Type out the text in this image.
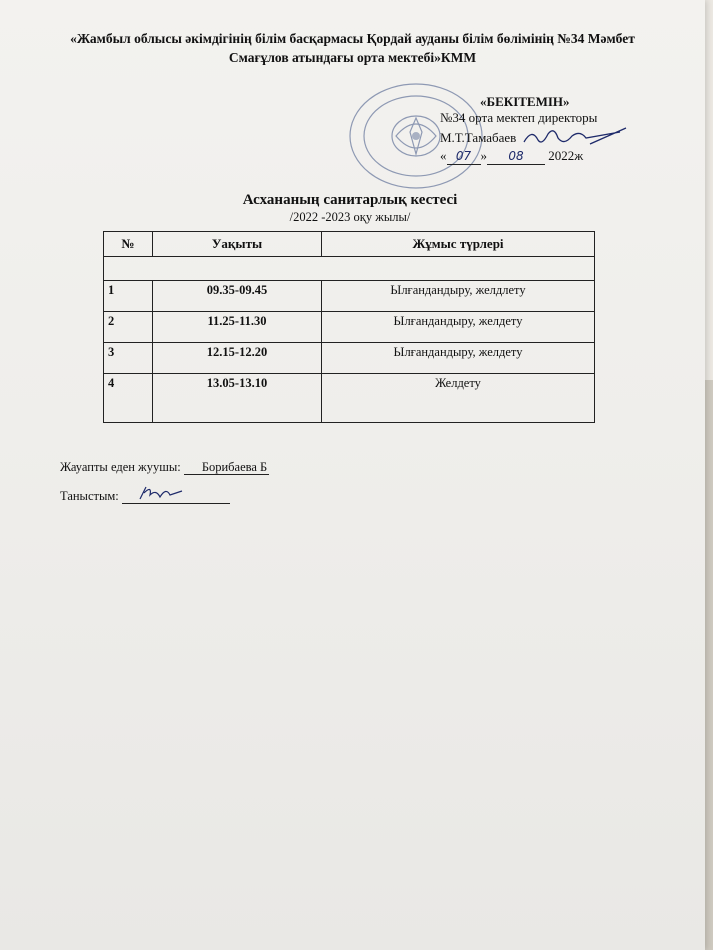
«Жамбыл облысы әкімдігінің білім басқармасы Қордай ауданы білім бөлімінің №34 Мәмбет
Смағұлов атындағы орта мектебі»КММ
«БЕКІТЕМІН»
№34 орта мектеп директоры
М.Т.Тамабаев
« 07 » 08 2022ж
Асхананың санитарлық кестесі
/2022 -2023 оқу жылы/
№	Уақыты	Жұмыс түрлері

1	09.35-09.45	Ылғандандыру, желдлету
2	11.25-11.30	Ылғандандыру, желдету
3	12.15-12.20	Ылғандандыру, желдету
4	13.05-13.10	Желдету
Жауапты еден жуушы: Борибаева Б
Таныстым:
